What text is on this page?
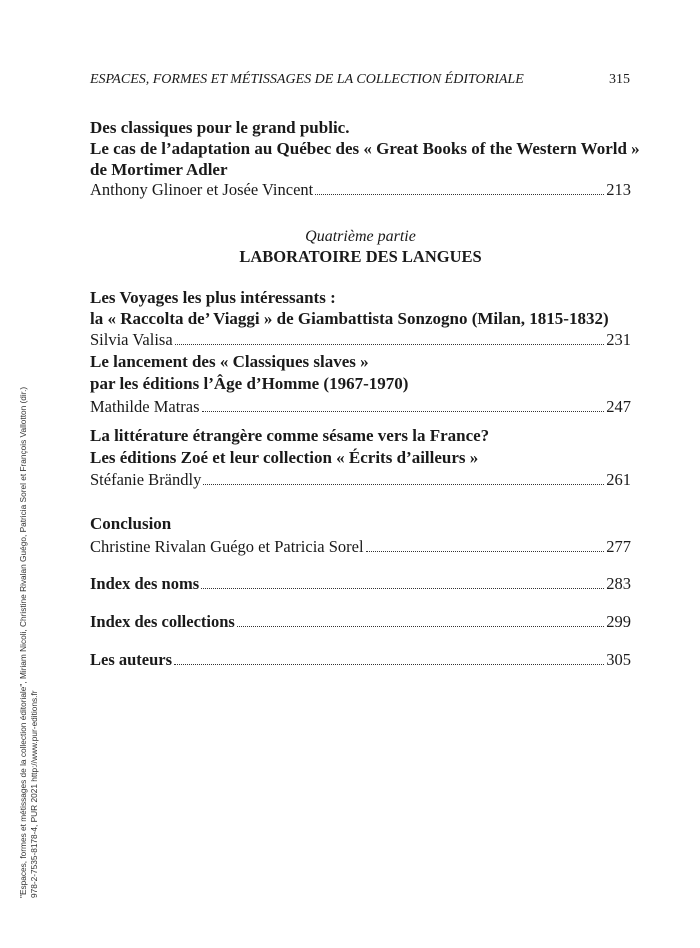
ESPACES, FORMES ET MÉTISSAGES DE LA COLLECTION ÉDITORIALE	315
Des classiques pour le grand public.
Le cas de l’adaptation au Québec des « Great Books of the Western World »
de Mortimer Adler
Anthony Glinoer et Josée Vincent	213
Quatrième partie
LABORATOIRE DES LANGUES
Les Voyages les plus intéressants :
la « Raccolta de’ Viaggi » de Giambattista Sonzogno (Milan, 1815-1832)
Silvia Valisa	231
Le lancement des « Classiques slaves »
par les éditions l’Âge d’Homme (1967-1970)
Mathilde Matras	247
La littérature étrangère comme sésame vers la France?
Les éditions Zoé et leur collection « Écrits d’ailleurs »
Stéfanie Brändly	261
Conclusion
Christine Rivalan Guégo et Patricia Sorel	277
Index des noms	283
Index des collections	299
Les auteurs	305
"Espaces, formes et métissages de la collection éditoriale", Miriam Nicoli, Christine Rivalan Guégo, Patricia Sorel et François Vallotton (dir.) 978-2-7535-8178-4, PUR 2021 http://www.pur-editions.fr
